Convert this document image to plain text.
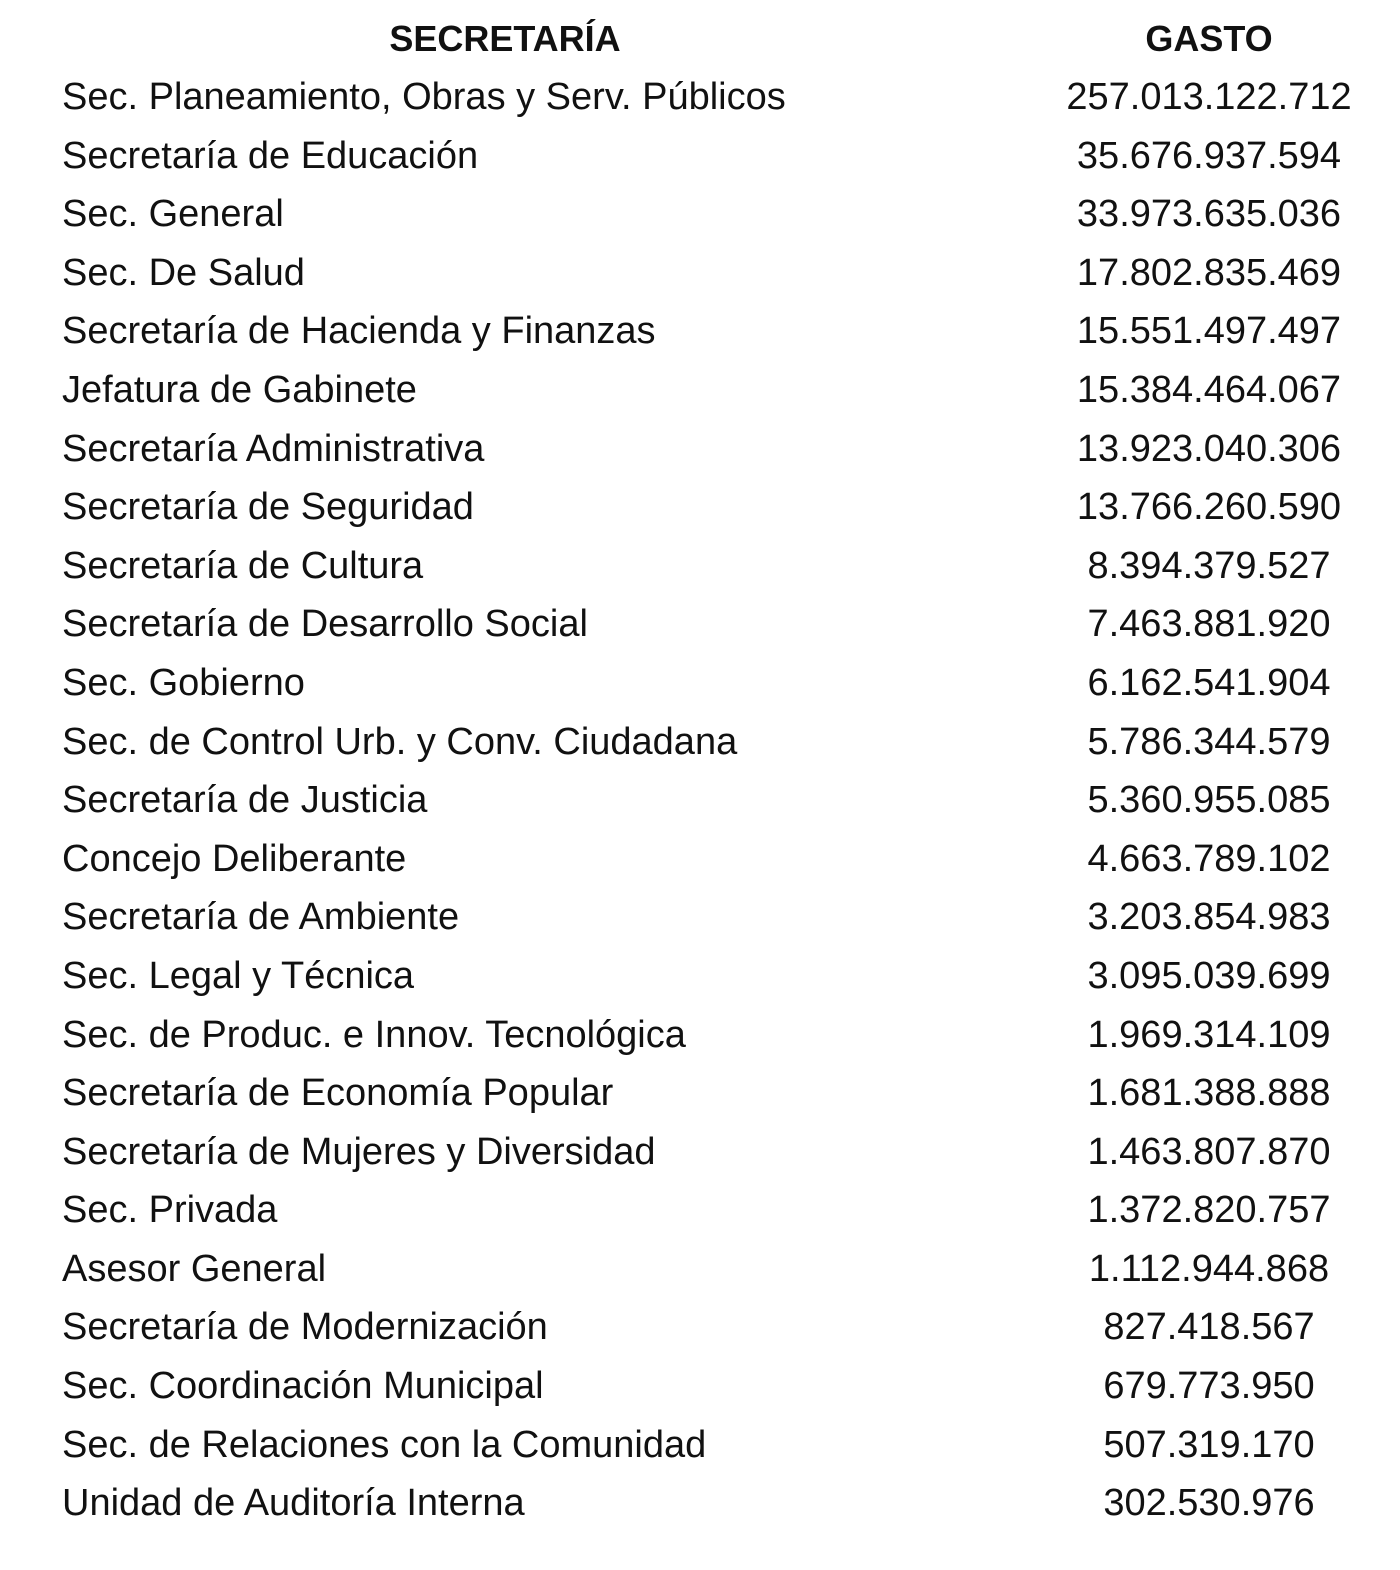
SECRETARÍA	GASTO
Sec. Planeamiento, Obras y Serv. Públicos	257.013.122.712
Secretaría de Educación	35.676.937.594
Sec. General	33.973.635.036
Sec. De Salud	17.802.835.469
Secretaría de Hacienda y Finanzas	15.551.497.497
Jefatura de Gabinete	15.384.464.067
Secretaría Administrativa	13.923.040.306
Secretaría de Seguridad	13.766.260.590
Secretaría de Cultura	8.394.379.527
Secretaría de Desarrollo Social	7.463.881.920
Sec. Gobierno	6.162.541.904
Sec. de Control Urb. y Conv. Ciudadana	5.786.344.579
Secretaría de Justicia	5.360.955.085
Concejo Deliberante	4.663.789.102
Secretaría de Ambiente	3.203.854.983
Sec. Legal y Técnica	3.095.039.699
Sec. de Produc. e Innov. Tecnológica	1.969.314.109
Secretaría de Economía Popular	1.681.388.888
Secretaría de Mujeres y Diversidad	1.463.807.870
Sec. Privada	1.372.820.757
Asesor General	1.112.944.868
Secretaría de Modernización	827.418.567
Sec. Coordinación Municipal	679.773.950
Sec. de Relaciones con la Comunidad	507.319.170
Unidad de Auditoría Interna	302.530.976
